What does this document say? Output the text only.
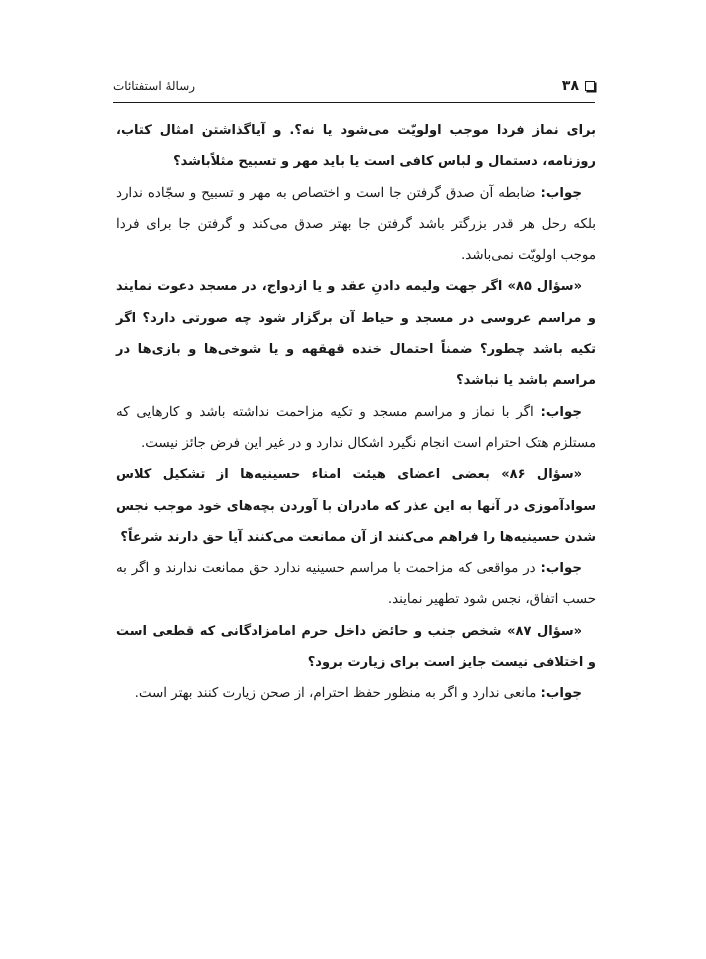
۳۸
رسالهٔ استفتائات

برای نماز فردا موجب اولویّت می‌شود یا نه؟. و آیاگذاشتن امثال کتاب، روزنامه، دستمال و لباس کافی است یا باید مهر و تسبیح مثلاًباشد؟

جواب: ضابطه آن صدق گرفتن جا است و اختصاص به مهر و تسبیح و سجّاده ندارد بلکه رحل هر قدر بزرگتر باشد گرفتن جا بهتر صدق می‌کند و گرفتن جا برای فردا موجب اولویّت نمی‌باشد.

«سؤال ۸۵» اگر جهت ولیمه دادنِ عقد و یا ازدواج، در مسجد دعوت نمایند و مراسم عروسی در مسجد و حیاط آن برگزار شود چه صورتی دارد؟ اگر تکیه باشد چطور؟ ضمناً احتمال خنده قهقهه و یا شوخی‌ها و بازی‌ها در مراسم باشد یا نباشد؟

جواب: اگر با نماز و مراسم مسجد و تکیه مزاحمت نداشته باشد و کارهایی که مستلزم هتک احترام است انجام نگیرد اشکال ندارد و در غیر این فرض جائز نیست.

«سؤال ۸۶» بعضی اعضای هیئت امناء حسینیه‌ها از تشکیل کلاس سوادآموزی در آنها به این عذر که مادران با آوردن بچه‌های خود موجب نجس شدن حسینیه‌ها را فراهم می‌کنند از آن ممانعت می‌کنند آیا حق دارند شرعاً؟

جواب: در مواقعی که مزاحمت با مراسم حسینیه ندارد حق ممانعت ندارند و اگر به حسب اتفاق، نجس شود تطهیر نمایند.

«سؤال ۸۷» شخص جنب و حائض داخل حرم امامزادگانی که قطعی است و اختلافی نیست جایز است برای زیارت برود؟

جواب: مانعی ندارد و اگر به منظور حفظ احترام، از صحن زیارت کنند بهتر است.
